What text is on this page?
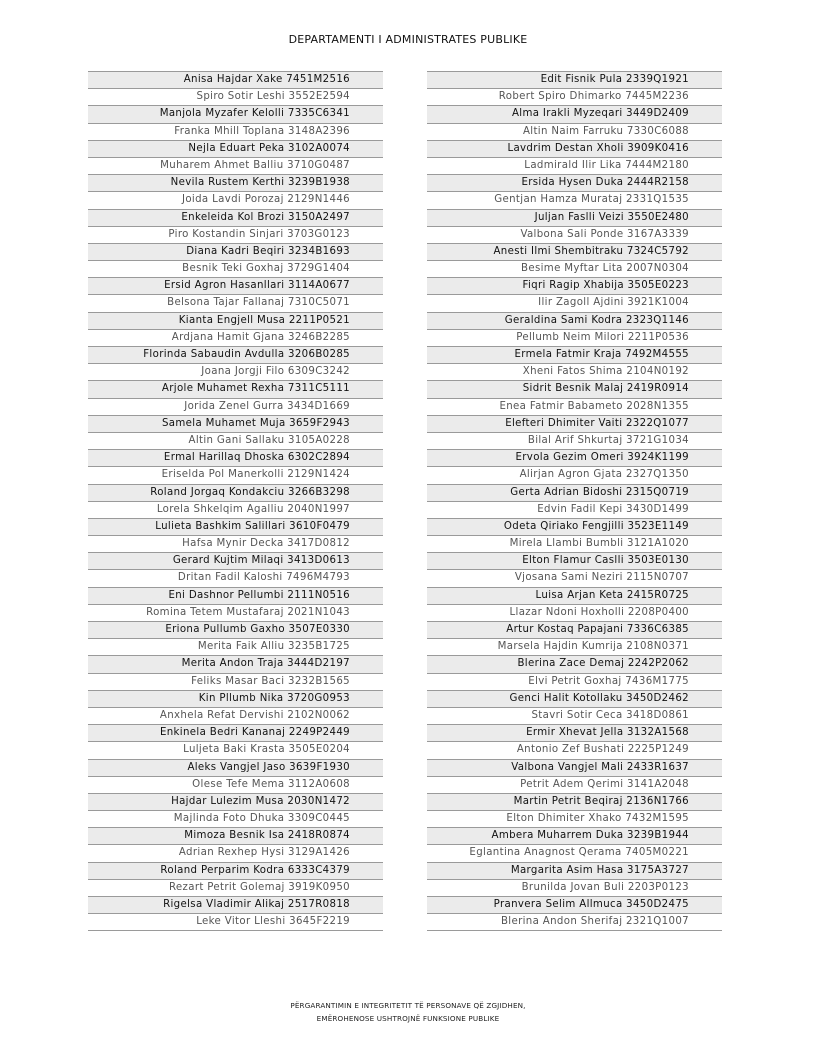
DEPARTAMENTI I ADMINISTRATES PUBLIKE
Anisa Hajdar Xake 7451M2516
Spiro Sotir Leshi 3552E2594
Manjola Myzafer Kelolli 7335C6341
Franka Mhill Toplana 3148A2396
Nejla Eduart Peka 3102A0074
Muharem Ahmet Balliu 3710G0487
Nevila Rustem Kerthi 3239B1938
Joida Lavdi Porozaj 2129N1446
Enkeleida Kol Brozi 3150A2497
Piro Kostandin Sinjari 3703G0123
Diana Kadri Beqiri 3234B1693
Besnik Teki Goxhaj 3729G1404
Ersid Agron Hasanllari 3114A0677
Belsona Tajar Fallanaj 7310C5071
Kianta Engjell Musa 2211P0521
Ardjana Hamit Gjana 3246B2285
Florinda Sabaudin Avdulla 3206B0285
Joana Jorgji Filo 6309C3242
Arjole Muhamet Rexha 7311C5111
Jorida Zenel Gurra 3434D1669
Samela Muhamet Muja 3659F2943
Altin Gani Sallaku 3105A0228
Ermal Harillaq Dhoska 6302C2894
Eriselda Pol Manerkolli 2129N1424
Roland Jorgaq Kondakciu 3266B3298
Lorela Shkelqim Agalliu 2040N1997
Lulieta Bashkim Salillari 3610F0479
Hafsa Mynir Decka 3417D0812
Gerard Kujtim Milaqi 3413D0613
Dritan Fadil Kaloshi 7496M4793
Eni Dashnor Pellumbi 2111N0516
Romina Tetem Mustafaraj 2021N1043
Eriona Pullumb Gaxho 3507E0330
Merita Faik Alliu 3235B1725
Merita Andon Traja 3444D2197
Feliks Masar Baci 3232B1565
Kin Pllumb Nika 3720G0953
Anxhela Refat Dervishi 2102N0062
Enkinela Bedri Kananaj 2249P2449
Luljeta Baki Krasta 3505E0204
Aleks Vangjel Jaso 3639F1930
Olese Tefe Mema 3112A0608
Hajdar Lulezim Musa 2030N1472
Majlinda Foto Dhuka 3309C0445
Mimoza Besnik Isa 2418R0874
Adrian Rexhep Hysi 3129A1426
Roland Perparim Kodra 6333C4379
Rezart Petrit Golemaj 3919K0950
Rigelsa Vladimir Alikaj 2517R0818
Leke Vitor Lleshi 3645F2219
Edit Fisnik Pula 2339Q1921
Robert Spiro Dhimarko 7445M2236
Alma Irakli Myzeqari 3449D2409
Altin Naim Farruku 7330C6088
Lavdrim Destan Xholi 3909K0416
Ladmirald Ilir Lika 7444M2180
Ersida Hysen Duka 2444R2158
Gentjan Hamza Murataj 2331Q1535
Juljan Faslli Veizi 3550E2480
Valbona Sali Ponde 3167A3339
Anesti Ilmi Shembitraku 7324C5792
Besime Myftar Lita 2007N0304
Fiqri Ragip Xhabija 3505E0223
Ilir Zagoll Ajdini 3921K1004
Geraldina Sami Kodra 2323Q1146
Pellumb Neim Milori 2211P0536
Ermela Fatmir Kraja 7492M4555
Xheni Fatos Shima 2104N0192
Sidrit Besnik Malaj 2419R0914
Enea Fatmir Babameto 2028N1355
Elefteri Dhimiter Vaiti 2322Q1077
Bilal Arif Shkurtaj 3721G1034
Ervola Gezim Omeri 3924K1199
Alirjan Agron Gjata 2327Q1350
Gerta Adrian Bidoshi 2315Q0719
Edvin Fadil Kepi 3430D1499
Odeta Qiriako Fengjilli 3523E1149
Mirela Llambi Bumbli 3121A1020
Elton Flamur Caslli 3503E0130
Vjosana Sami Neziri 2115N0707
Luisa Arjan Keta 2415R0725
Llazar Ndoni Hoxholli 2208P0400
Artur Kostaq Papajani 7336C6385
Marsela Hajdin Kumrija 2108N0371
Blerina Zace Demaj 2242P2062
Elvi Petrit Goxhaj 7436M1775
Genci Halit Kotollaku 3450D2462
Stavri Sotir Ceca 3418D0861
Ermir Xhevat Jella 3132A1568
Antonio Zef Bushati 2225P1249
Valbona Vangjel Mali 2433R1637
Petrit Adem Qerimi 3141A2048
Martin Petrit Beqiraj 2136N1766
Elton Dhimiter Xhako 7432M1595
Ambera Muharrem Duka 3239B1944
Eglantina Anagnost Qerama 7405M0221
Margarita Asim Hasa 3175A3727
Brunilda Jovan Buli 2203P0123
Pranvera Selim Allmuca 3450D2475
Blerina Andon Sherifaj 2321Q1007
PËRGARANTIMIN E INTEGRITETIT TË PERSONAVE QË ZGJIDHEN,
EMËROHENOSE USHTROJNË FUNKSIONE PUBLIKE
